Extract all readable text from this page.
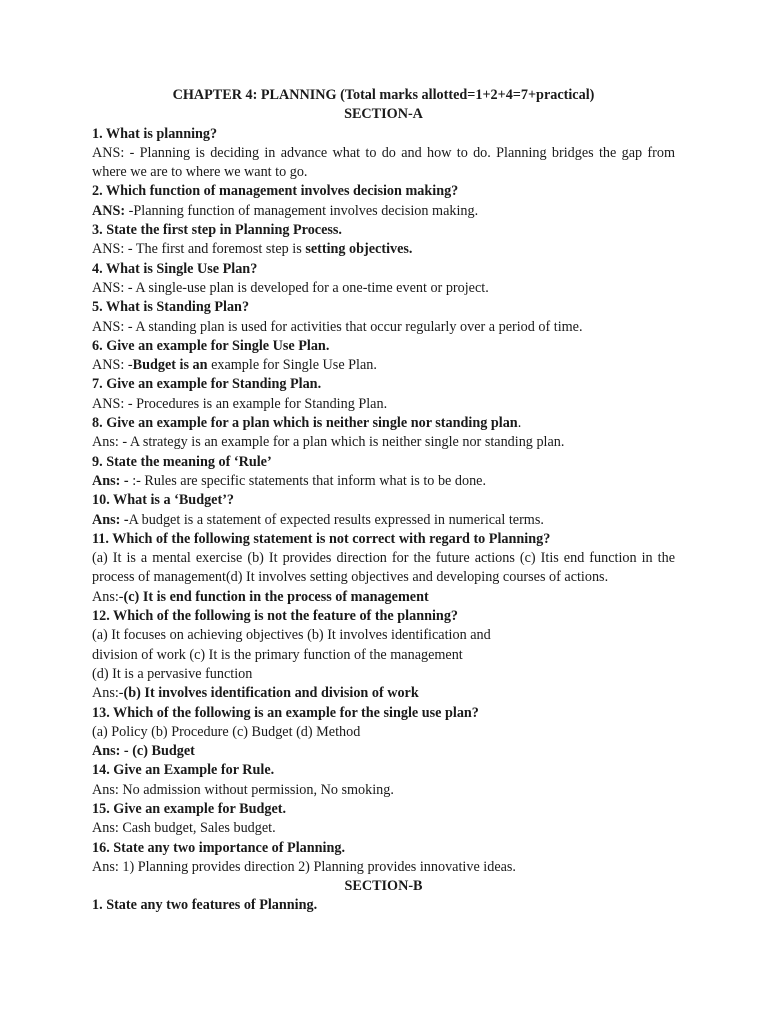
CHAPTER 4: PLANNING (Total marks allotted=1+2+4=7+practical)

SECTION-A

1. What is planning?

ANS: - Planning is deciding in advance what to do and how to do. Planning bridges the gap from where we are to where we want to go.

2. Which function of management involves decision making?

ANS: -Planning function of management involves decision making.

3. State the first step in Planning Process.

ANS: - The first and foremost step is setting objectives.

4. What is Single Use Plan?

ANS: - A single-use plan is developed for a one-time event or project.

5. What is Standing Plan?

ANS: - A standing plan is used for activities that occur regularly over a period of time.

6. Give an example for Single Use Plan.

ANS: -Budget is an example for Single Use Plan.

7. Give an example for Standing Plan.

ANS: - Procedures is an example for Standing Plan.

8. Give an example for a plan which is neither single nor standing plan.

Ans: - A strategy is an example for a plan which is neither single nor standing plan.

9. State the meaning of ‘Rule’

Ans: - :- Rules are specific statements that inform what is to be done.

10. What is a ‘Budget’?

Ans: -A budget is a statement of expected results expressed in numerical terms.

11. Which of the following statement is not correct with regard to Planning?

(a) It is a mental exercise (b) It provides direction for the future actions (c) Itis end function in the process of management(d) It involves setting objectives and developing courses of actions.

Ans:-(c) It is end function in the process of management

12. Which of the following is not the feature of the planning?

(a) It focuses on achieving objectives (b) It involves identification and

division of work (c) It is the primary function of the management

(d) It is a pervasive function

Ans:-(b) It involves identification and division of work

13. Which of the following is an example for the single use plan?

(a) Policy (b) Procedure (c) Budget (d) Method

Ans: - (c) Budget

14. Give an Example for Rule.

Ans: No admission without permission, No smoking.

15. Give an example for Budget.

Ans: Cash budget, Sales budget.

16. State any two importance of Planning.

Ans: 1) Planning provides direction 2) Planning provides innovative ideas.

SECTION-B

1. State any two features of Planning.
